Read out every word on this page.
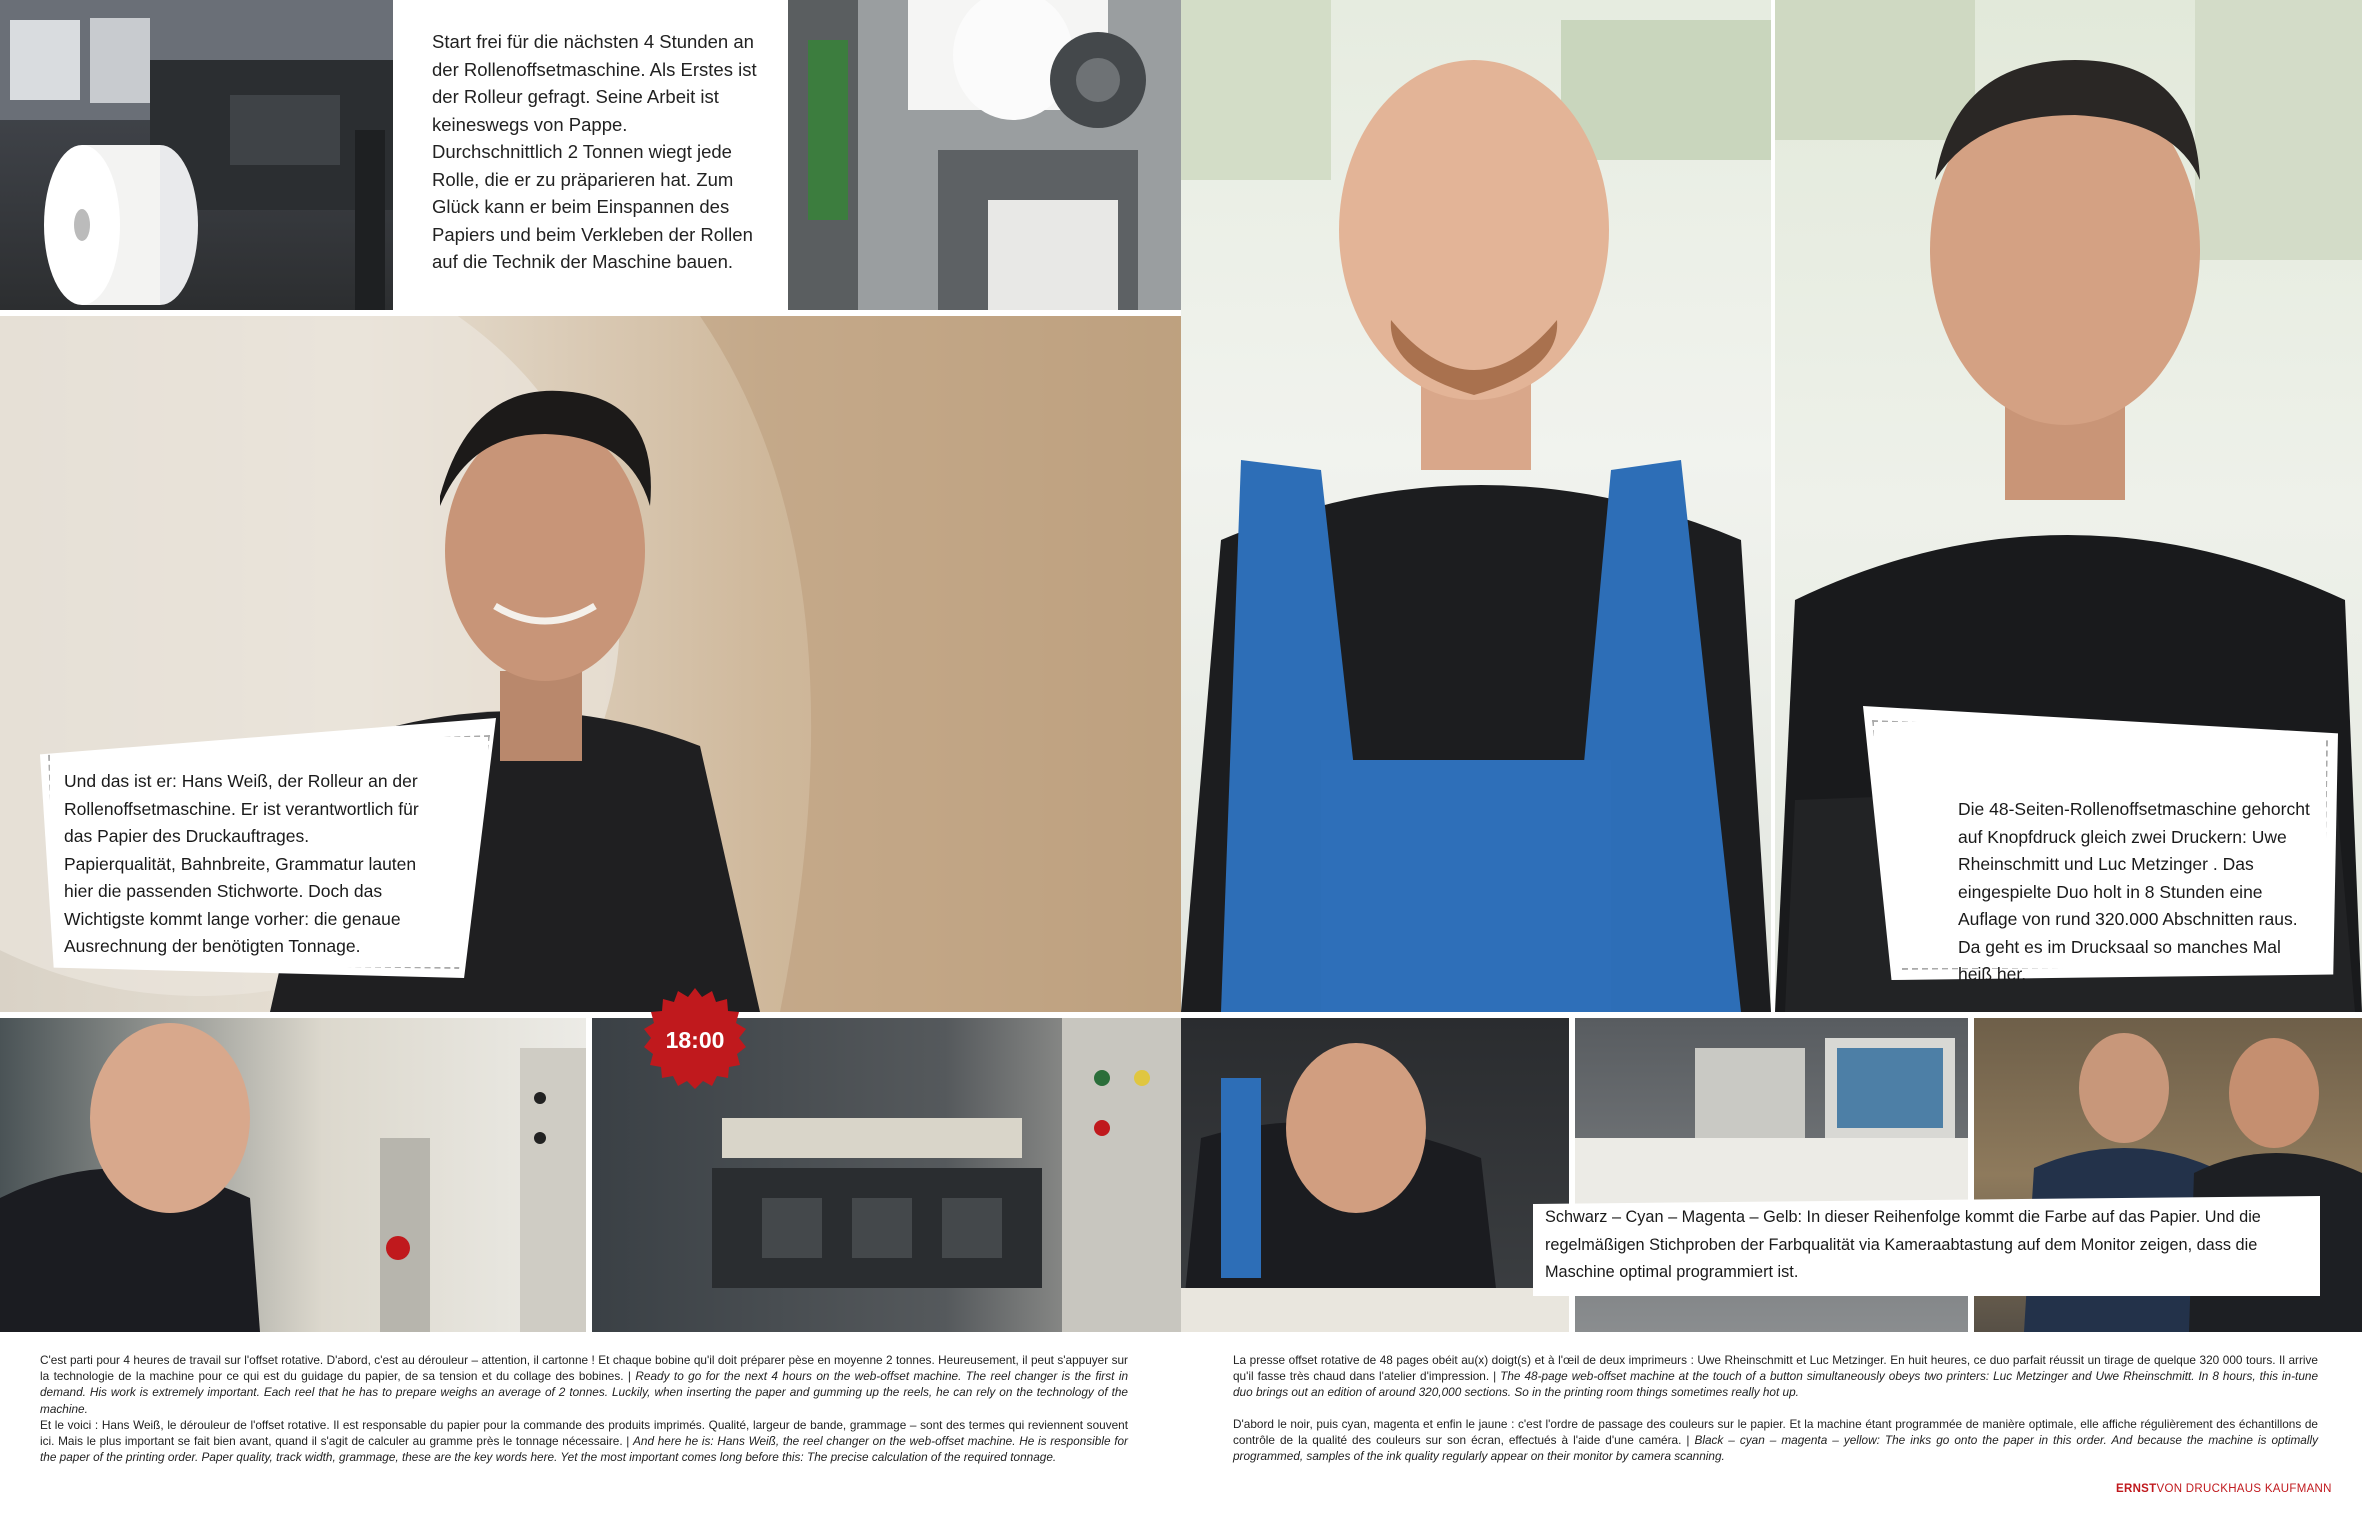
Start frei für die nächsten 4 Stunden an der Rollenoffsetmaschine. Als Erstes ist der Rolleur gefragt. Seine Arbeit ist keineswegs von Pappe. Durchschnittlich 2 Tonnen wiegt jede Rolle, die er zu präparieren hat. Zum Glück kann er beim Einspannen des Papiers und beim Verkleben der Rollen auf die Technik der Maschine bauen.
Und das ist er: Hans Weiß, der Rolleur an der Rollenoffsetmaschine. Er ist verantwortlich für das Papier des Druckauftrages. Papierqualität, Bahnbreite, Grammatur lauten hier die passenden Stichworte. Doch das Wichtigste kommt lange vorher: die genaue Ausrechnung der benötigten Tonnage.
Die 48-Seiten-Rollenoffsetmaschine gehorcht auf Knopfdruck gleich zwei Druckern: Uwe Rheinschmitt und Luc Metzinger . Das eingespielte Duo holt in 8 Stunden eine Auflage von rund 320.000 Abschnitten raus. Da geht es im Drucksaal so manches Mal heiß her.
Schwarz – Cyan – Magenta – Gelb: In dieser Reihenfolge kommt die Farbe auf das Papier. Und die regelmäßigen Stichproben der Farbqualität via Kameraabtastung auf dem Monitor zeigen, dass die Maschine optimal programmiert ist.
18:00

C'est parti pour 4 heures de travail sur l'offset rotative. D'abord, c'est au dérouleur – attention, il cartonne ! Et chaque bobine qu'il doit préparer pèse en moyenne 2 tonnes. Heureusement, il peut s'appuyer sur la technologie de la machine pour ce qui est du guidage du papier, de sa tension et du collage des bobines. | Ready to go for the next 4 hours on the web-offset machine. The reel changer is the first in demand. His work is extremely important. Each reel that he has to prepare weighs an average of 2 tonnes. Luckily, when inserting the paper and gumming up the reels, he can rely on the technology of the machine.

Et le voici : Hans Weiß, le dérouleur de l'offset rotative. Il est responsable du papier pour la commande des produits imprimés. Qualité, largeur de bande, grammage – sont des termes qui reviennent souvent ici. Mais le plus important se fait bien avant, quand il s'agit de calculer au gramme près le tonnage nécessaire. | And here he is: Hans Weiß, the reel changer on the web-offset machine. He is responsible for the paper of the printing order. Paper quality, track width, grammage, these are the key words here. Yet the most important comes long before this: The precise calculation of the required tonnage.

La presse offset rotative de 48 pages obéit au(x) doigt(s) et à l'œil de deux imprimeurs : Uwe Rheinschmitt et Luc Metzinger. En huit heures, ce duo parfait réussit un tirage de quelque 320 000 tours. Il arrive qu'il fasse très chaud dans l'atelier d'impression. | The 48-page web-offset machine at the touch of a button simultaneously obeys two printers: Luc Metzinger and Uwe Rheinschmitt. In 8 hours, this in-tune duo brings out an edition of around 320,000 sections. So in the printing room things sometimes really hot up.

D'abord le noir, puis cyan, magenta et enfin le jaune : c'est l'ordre de passage des couleurs sur le papier. Et la machine étant programmée de manière optimale, elle affiche régulièrement des échantillons de contrôle de la qualité des couleurs sur son écran, effectués à l'aide d'une caméra. | Black – cyan – magenta – yellow: The inks go onto the paper in this order. And because the machine is optimally programmed, samples of the ink quality regularly appear on their monitor by camera scanning.

ERNSTVON DRUCKHAUS KAUFMANN
